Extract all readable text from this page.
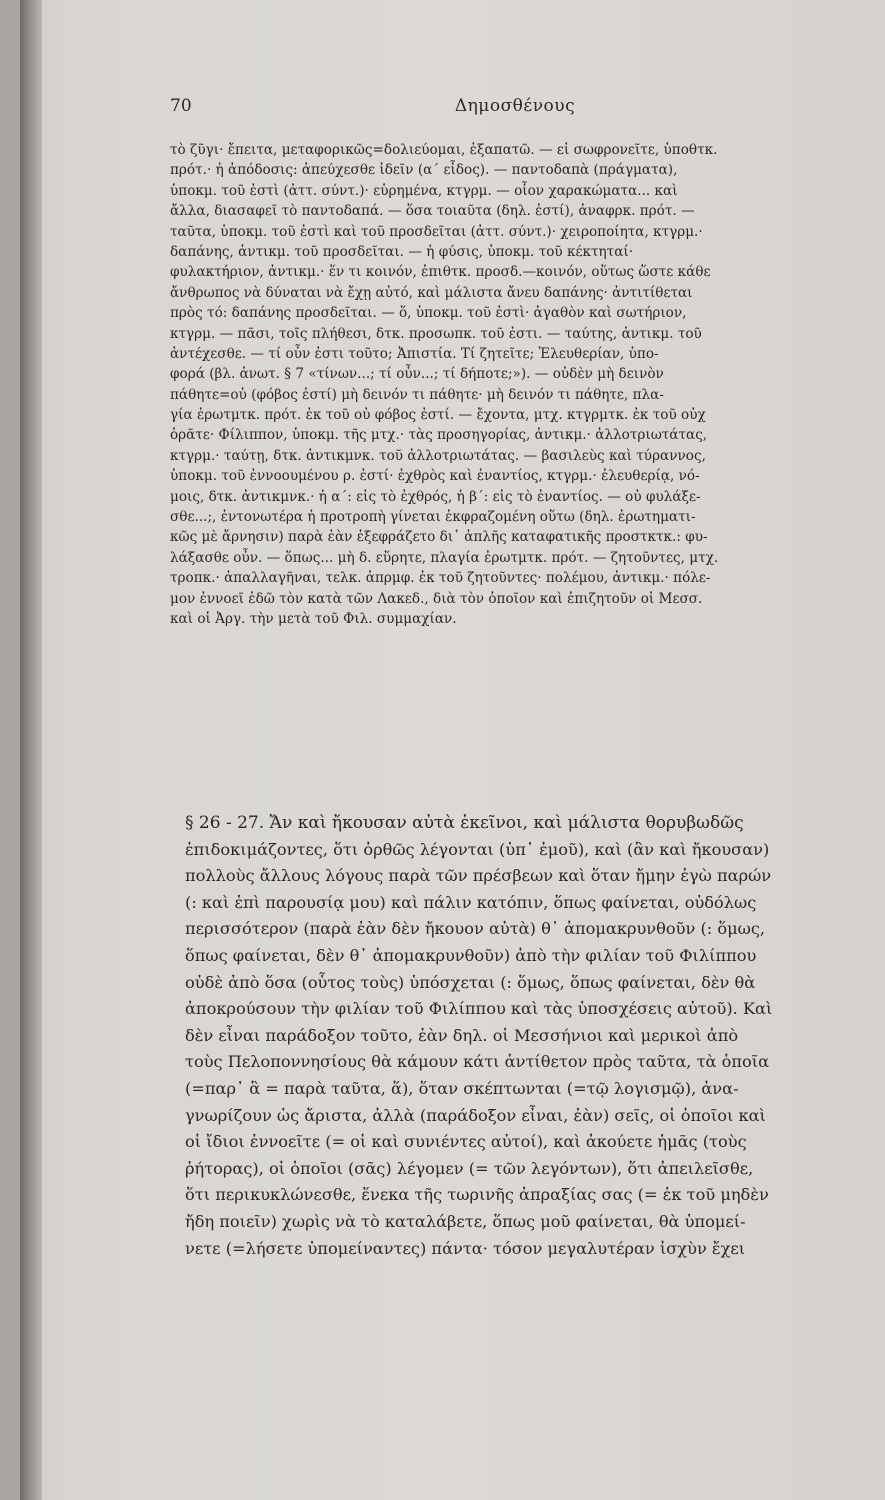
70	Δημοσθένους
τὸ ζῦγι· ἔπειτα, μεταφορικῶς=δολιεύομαι, ἐξαπατῶ. — εἰ σωφρονεῖτε, ὑποθτκ.
πρότ.· ἡ ἀπόδοσις: ἀπεύχεσθε ἰδεῖν (α΄ εἶδος). — παντοδαπὰ (πράγματα),
ὑποκμ. τοῦ ἐστὶ (ἀττ. σύντ.)· εὑρημένα, κτγρμ. — οἷον χαρακώματα... καὶ
ἄλλα, διασαφεῖ τὸ παντοδαπά. — ὅσα τοιαῦτα (δηλ. ἐστί), ἀναφρκ. πρότ. —
ταῦτα, ὑποκμ. τοῦ ἐστὶ καὶ τοῦ προσδεῖται (ἀττ. σύντ.)· χειροποίητα, κτγρμ.·
δαπάνης, ἀντικμ. τοῦ προσδεῖται. — ἡ φύσις, ὑποκμ. τοῦ κέκτηταί·
φυλακτήριον, ἀντικμ.· ἕν τι κοινόν, ἐπιθτκ. προσδ.—κοινόν, οὕτως ὥστε κάθε
ἄνθρωπος νὰ δύναται νὰ ἔχῃ αὐτό, καὶ μάλιστα ἄνευ δαπάνης· ἀντιτίθεται
πρὸς τό: δαπάνης προσδεῖται. — ὅ, ὑποκμ. τοῦ ἐστὶ· ἀγαθὸν καὶ σωτήριον,
κτγρμ. — πᾶσι, τοῖς πλήθεσι, δτκ. προσωπκ. τοῦ ἐστι. — ταύτης, ἀντικμ. τοῦ
ἀντέχεσθε. — τί οὖν ἐστι τοῦτο; Ἀπιστία. Τί ζητεῖτε; Ἐλευθερίαν, ὑπο-
φορά (βλ. ἀνωτ. § 7 «τίνων...; τί οὖν...; τί δήποτε;»). — οὐδὲν μὴ δεινὸν
πάθητε=οὐ (φόβος ἐστί) μὴ δεινόν τι πάθητε· μὴ δεινόν τι πάθητε, πλα-
γία ἐρωτμτκ. πρότ. ἐκ τοῦ οὐ φόβος ἐστί. — ἔχοντα, μτχ. κτγρμτκ. ἐκ τοῦ οὐχ
ὁρᾶτε· Φίλιππον, ὑποκμ. τῆς μτχ.· τὰς προσηγορίας, ἀντικμ.· ἀλλοτριωτάτας,
κτγρμ.· ταύτῃ, δτκ. ἀντικμνκ. τοῦ ἀλλοτριωτάτας. — βασιλεὺς καὶ τύραννος,
ὑποκμ. τοῦ ἐννοουμένου ρ. ἐστί· ἐχθρὸς καὶ ἐναντίος, κτγρμ.· ἐλευθερίᾳ, νό-
μοις, δτκ. ἀντικμνκ.· ἡ α΄: εἰς τὸ ἐχθρός, ἡ β΄: εἰς τὸ ἐναντίος. — οὐ φυλάξε-
σθε...;, ἐντονωτέρα ἡ προτροπὴ γίνεται ἐκφραζομένη οὕτω (δηλ. ἐρωτηματι-
κῶς μὲ ἄρνησιν) παρὰ ἐὰν ἐξεφράζετο δι᾽ ἁπλῆς καταφατικῆς προστκτκ.: φυ-
λάξασθε οὖν. — ὅπως... μὴ δ. εὕρητε, πλαγία ἐρωτμτκ. πρότ. — ζητοῦντες, μτχ.
τροπκ.· ἀπαλλαγῆναι, τελκ. ἀπρμφ. ἐκ τοῦ ζητοῦντες· πολέμου, ἀντικμ.· πόλε-
μον ἐννοεῖ ἐδῶ τὸν κατὰ τῶν Λακεδ., διὰ τὸν ὁποῖον καὶ ἐπιζητοῦν οἱ Μεσσ.
καὶ οἱ Ἀργ. τὴν μετὰ τοῦ Φιλ. συμμαχίαν.
§ 26 - 27. Ἄν καὶ ἤκουσαν αὐτὰ ἐκεῖνοι, καὶ μάλιστα θορυβωδῶς
ἐπιδοκιμάζοντες, ὅτι ὀρθῶς λέγονται (ὑπ᾽ ἐμοῦ), καὶ (ἂν καὶ ἤκουσαν)
πολλοὺς ἄλλους λόγους παρὰ τῶν πρέσβεων καὶ ὅταν ἤμην ἐγὼ παρών
(: καὶ ἐπὶ παρουσίᾳ μου) καὶ πάλιν κατόπιν, ὅπως φαίνεται, οὐδόλως
περισσότερον (παρὰ ἐὰν δὲν ἤκουον αὐτὰ) θ᾽ ἀπομακρυνθοῦν (: ὅμως,
ὅπως φαίνεται, δὲν θ᾽ ἀπομακρυνθοῦν) ἀπὸ τὴν φιλίαν τοῦ Φιλίππου
οὐδὲ ἀπὸ ὅσα (οὗτος τοὺς) ὑπόσχεται (: ὅμως, ὅπως φαίνεται, δὲν θὰ
ἀποκρούσουν τὴν φιλίαν τοῦ Φιλίππου καὶ τὰς ὑποσχέσεις αὐτοῦ). Καὶ
δὲν εἶναι παράδοξον τοῦτο, ἐὰν δηλ. οἱ Μεσσήνιοι καὶ μερικοὶ ἀπὸ
τοὺς Πελοποννησίους θὰ κάμουν κάτι ἀντίθετον πρὸς ταῦτα, τὰ ὁποῖα
(=παρ᾽ ἃ = παρὰ ταῦτα, ἅ), ὅταν σκέπτωνται (=τῷ λογισμῷ), ἀνα-
γνωρίζουν ὡς ἄριστα, ἀλλὰ (παράδοξον εἶναι, ἐὰν) σεῖς, οἱ ὁποῖοι καὶ
οἱ ἴδιοι ἐννοεῖτε (= οἱ καὶ συνιέντες αὐτοί), καὶ ἀκούετε ἡμᾶς (τοὺς
ῥήτορας), οἱ ὁποῖοι (σᾶς) λέγομεν (= τῶν λεγόντων), ὅτι ἀπειλεῖσθε,
ὅτι περικυκλώνεσθε, ἕνεκα τῆς τωρινῆς ἀπραξίας σας (= ἐκ τοῦ μηδὲν
ἤδη ποιεῖν) χωρὶς νὰ τὸ καταλάβετε, ὅπως μοῦ φαίνεται, θὰ ὑπομεί-
νετε (=λήσετε ὑπομείναντες) πάντα· τόσον μεγαλυτέραν ἰσχὺν ἔχει
